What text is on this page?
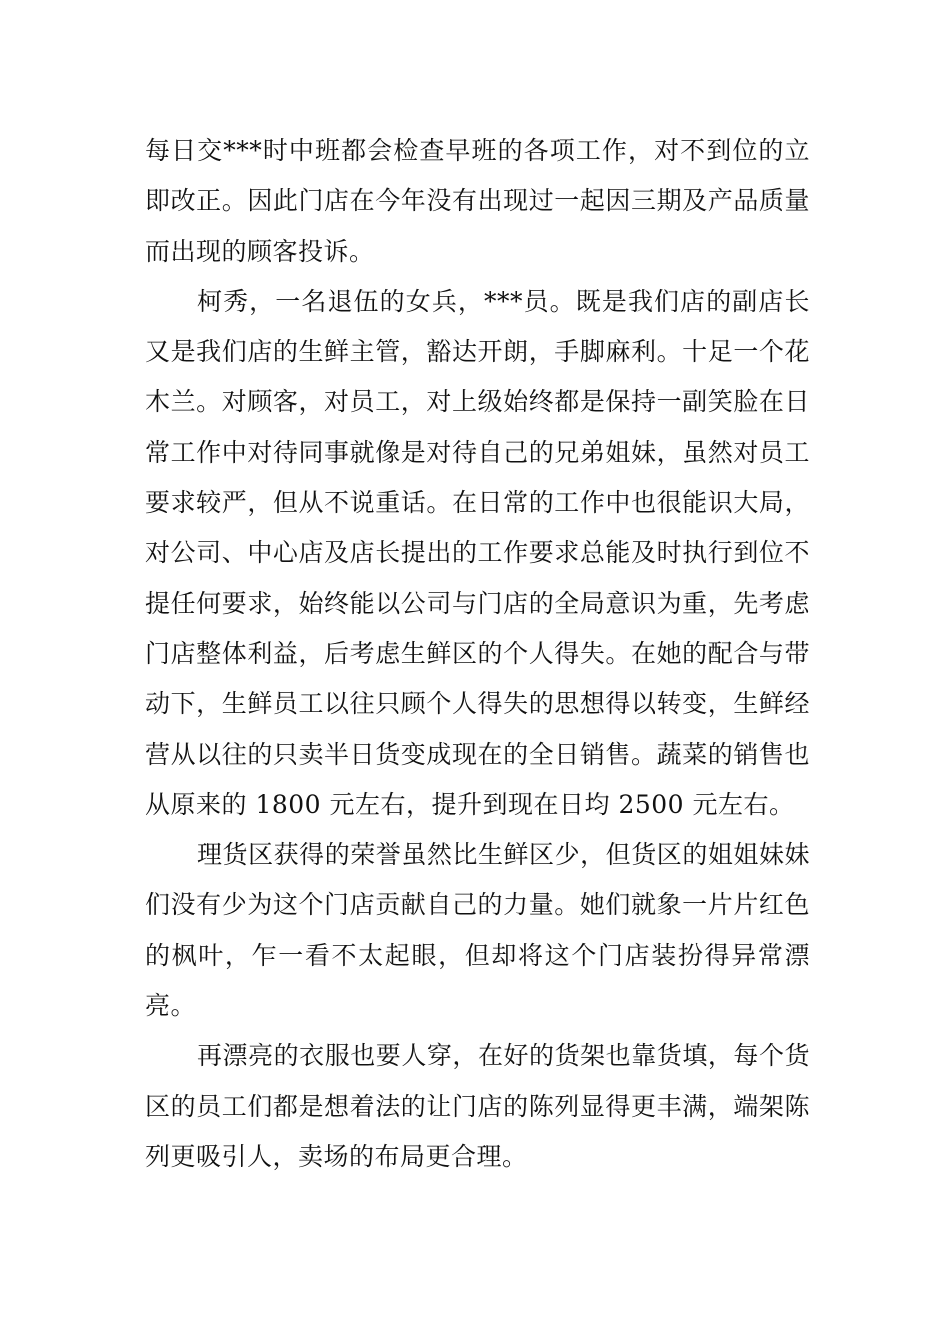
每日交***时中班都会检查早班的各项工作，对不到位的立即改正。因此门店在今年没有出现过一起因三期及产品质量而出现的顾客投诉。

柯秀，一名退伍的女兵，***员。既是我们店的副店长又是我们店的生鲜主管，豁达开朗，手脚麻利。十足一个花木兰。对顾客，对员工，对上级始终都是保持一副笑脸在日常工作中对待同事就像是对待自己的兄弟姐妹，虽然对员工要求较严，但从不说重话。在日常的工作中也很能识大局，对公司、中心店及店长提出的工作要求总能及时执行到位不提任何要求，始终能以公司与门店的全局意识为重，先考虑门店整体利益，后考虑生鲜区的个人得失。在她的配合与带动下，生鲜员工以往只顾个人得失的思想得以转变，生鲜经营从以往的只卖半日货变成现在的全日销售。蔬菜的销售也从原来的 1800 元左右，提升到现在日均 2500 元左右。

理货区获得的荣誉虽然比生鲜区少，但货区的姐姐妹妹们没有少为这个门店贡献自己的力量。她们就象一片片红色的枫叶，乍一看不太起眼，但却将这个门店装扮得异常漂亮。

再漂亮的衣服也要人穿，在好的货架也靠货填，每个货区的员工们都是想着法的让门店的陈列显得更丰满，端架陈列更吸引人，卖场的布局更合理。
